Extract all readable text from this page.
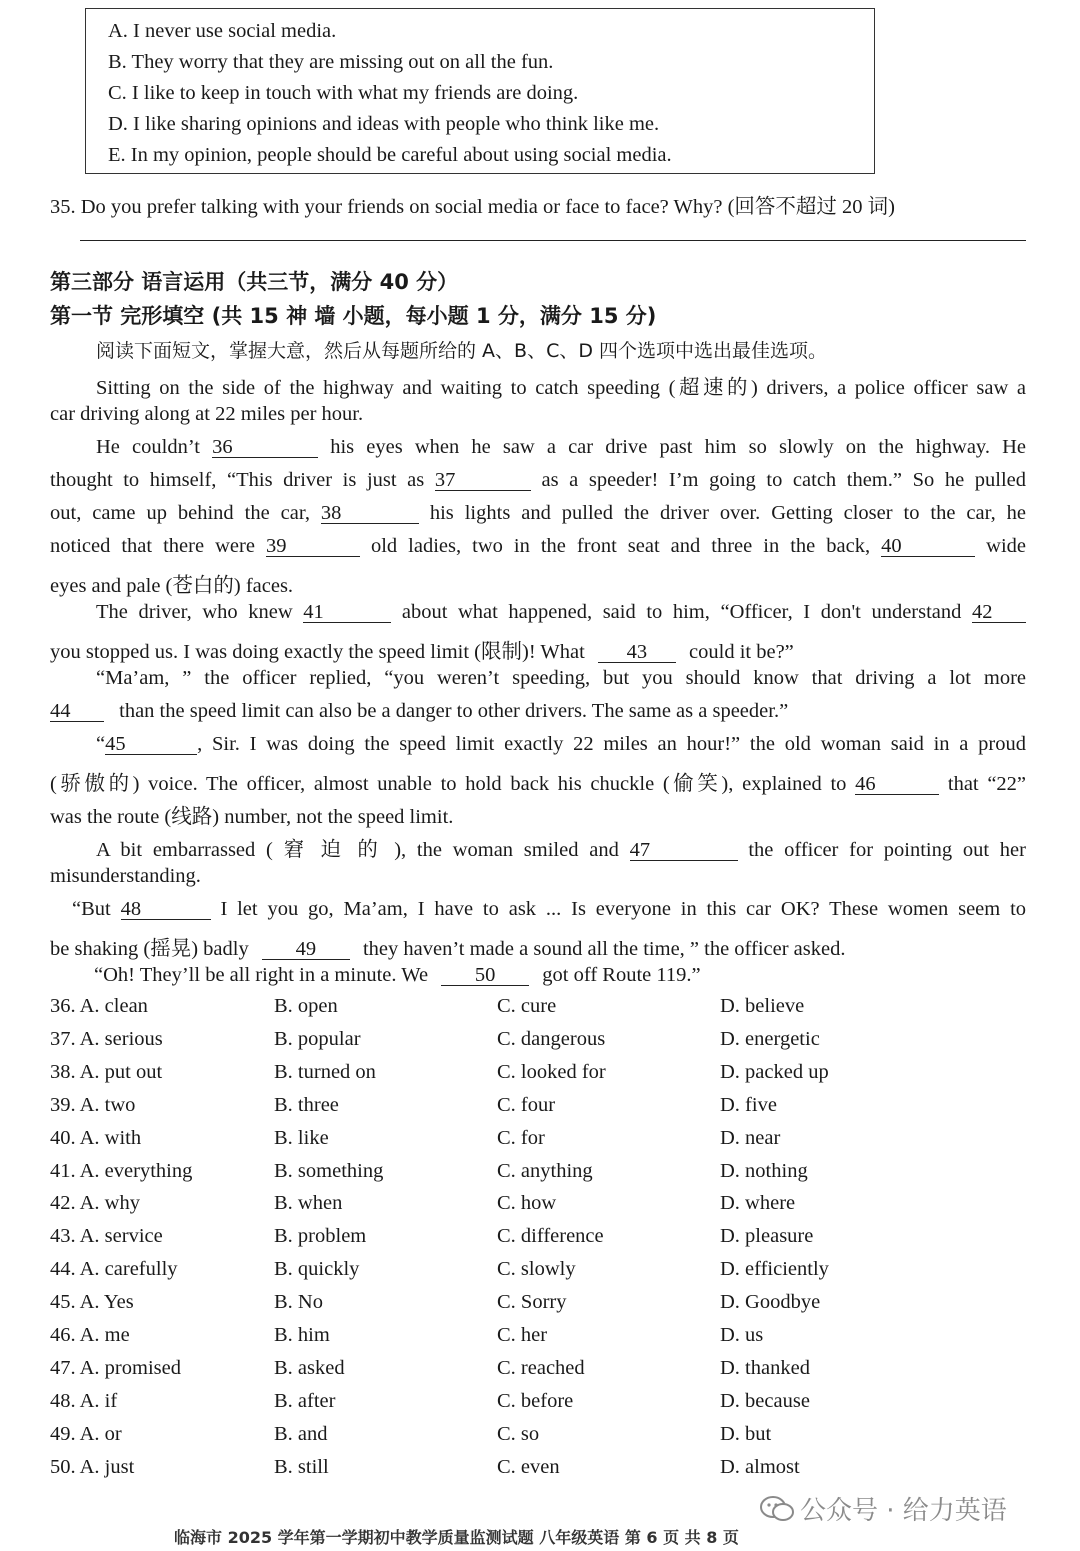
A. I never use social media.
B. They worry that they are missing out on all the fun.
C. I like to keep in touch with what my friends are doing.
D. I like sharing opinions and ideas with people who think like me.
E. In my opinion, people should be careful about using social media.
35. Do you prefer talking with your friends on social media or face to face? Why? (回答不超过 20 词)
第三部分 语言运用（共三节，满分 40 分）
第一节 完形填空 (共 15 神 墙 小题，每小题 1 分，满分 15 分)
阅读下面短文，掌握大意，然后从每题所给的 A、B、C、D 四个选项中选出最佳选项。
Sitting on the side of the highway and waiting to catch speeding (超速的) drivers, a police officer saw a
car driving along at 22 miles per hour.
He couldn’t 36	his eyes when he saw a car drive past him so slowly on the highway. He
thought to himself, “This driver is just as 37	as a speeder! I’m going to catch them.” So he pulled
out, came up behind the car, 38	his lights and pulled the driver over. Getting closer to the car, he
noticed that there were 39	old ladies, two in the front seat and three in the back, 40	wide
eyes and pale (苍白的) faces.
The driver, who knew 41	about what happened, said to him, “Officer, I don't understand 42
you stopped us. I was doing exactly the speed limit (限制)! What 43 could it be?”
“Ma’am, ” the officer replied, “you weren’t speeding, but you should know that driving a lot more
44 than the speed limit can also be a danger to other drivers. The same as a speeder.”
“45	, Sir. I was doing the speed limit exactly 22 miles an hour!” the old woman said in a proud
(骄傲的) voice. The officer, almost unable to hold back his chuckle (偷笑), explained to 46	that “22”
was the route (线路) number, not the speed limit.
A bit embarrassed ( 窘 迫 的 ), the woman smiled and 47	the officer for pointing out her
misunderstanding.
“But 48	I let you go, Ma’am, I have to ask ... Is everyone in this car OK? These women seem to
be shaking (摇晃) badly 49 they haven’t made a sound all the time, ” the officer asked.
“Oh! They’ll be all right in a minute. We 50 got off Route 119.”
36. A. clean	B. open	C. cure	D. believe
37. A. serious	B. popular	C. dangerous	D. energetic
38. A. put out	B. turned on	C. looked for	D. packed up
39. A. two	B. three	C. four	D. five
40. A. with	B. like	C. for	D. near
41. A. everything	B. something	C. anything	D. nothing
42. A. why	B. when	C. how	D. where
43. A. service	B. problem	C. difference	D. pleasure
44. A. carefully	B. quickly	C. slowly	D. efficiently
45. A. Yes	B. No	C. Sorry	D. Goodbye
46. A. me	B. him	C. her	D. us
47. A. promised	B. asked	C. reached	D. thanked
48. A. if	B. after	C. before	D. because
49. A. or	B. and	C. so	D. but
50. A. just	B. still	C. even	D. almost
公众号 · 给力英语
临海市 2025 学年第一学期初中教学质量监测试题 八年级英语 第 6 页 共 8 页
